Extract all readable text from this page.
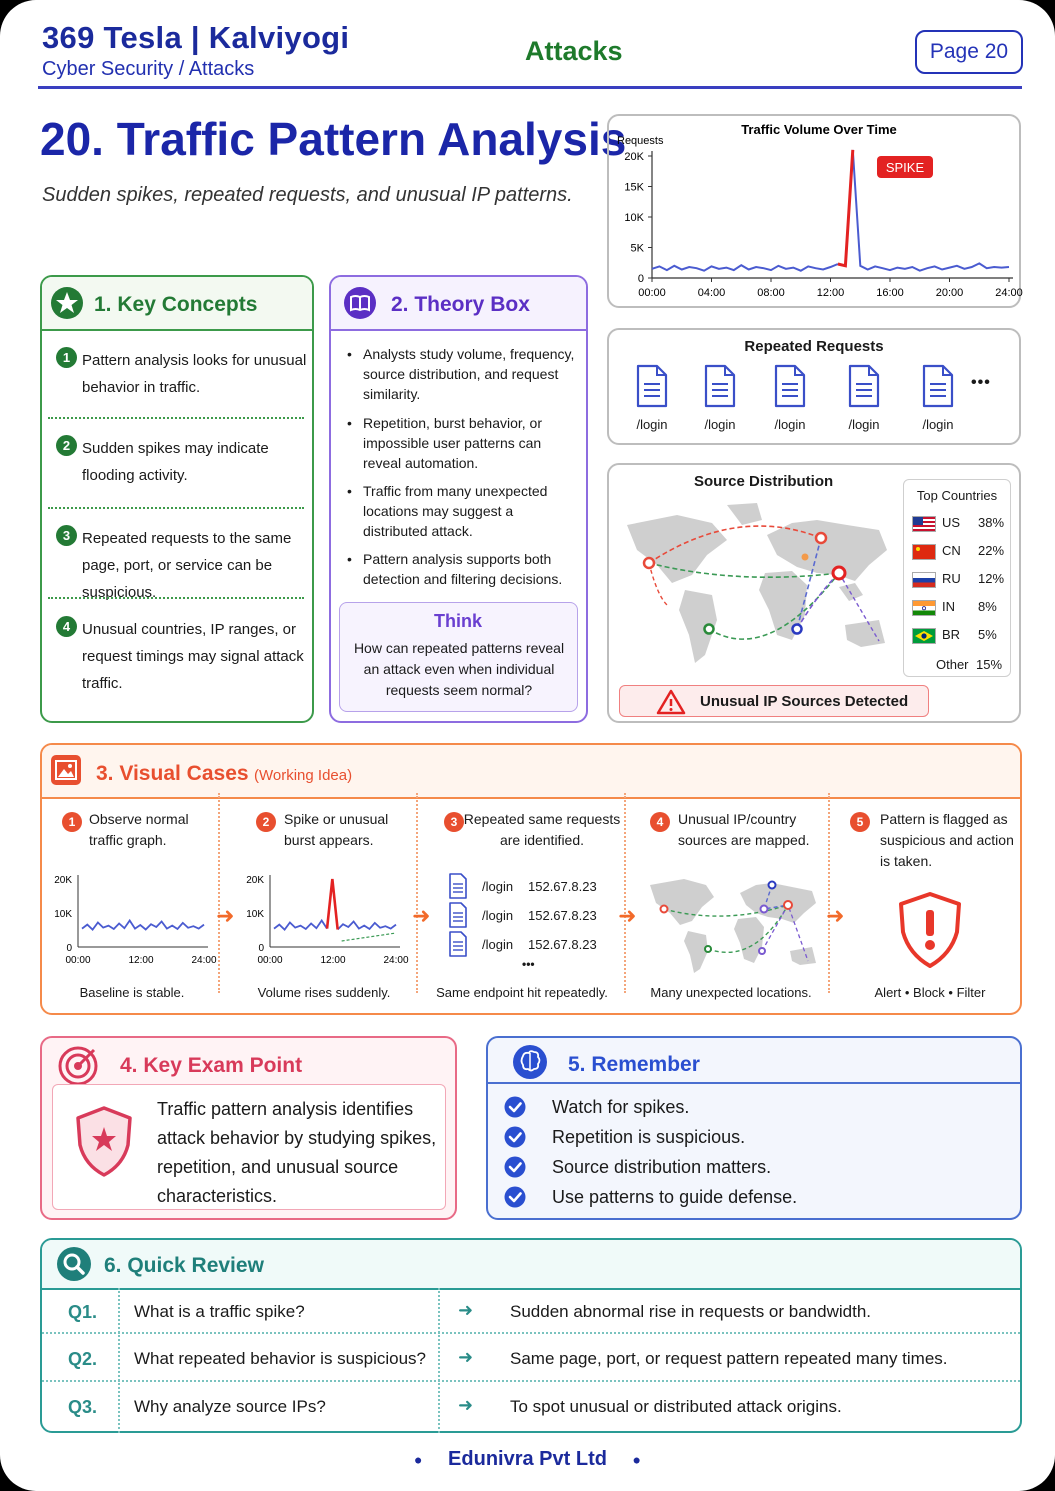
369 Tesla | Kalviyogi
Cyber Security / Attacks
Attacks	Page 20
20. Traffic Pattern Analysis
Sudden spikes, repeated requests, and unusual IP patterns.
Traffic Volume Over Time
Requests
0
5K
10K
15K
20K
00:00	04:00	08:00	12:00	16:00	20:00	24:00
SPIKE
1. Key Concepts
1 Pattern analysis looks for unusual behavior in traffic.
2 Sudden spikes may indicate flooding activity.
3 Repeated requests to the same page, port, or service can be suspicious.
4 Unusual countries, IP ranges, or request timings may signal attack traffic.
2. Theory Box
• Analysts study volume, frequency, source distribution, and request similarity.
• Repetition, burst behavior, or impossible user patterns can reveal automation.
• Traffic from many unexpected locations may suggest a distributed attack.
• Pattern analysis supports both detection and filtering decisions.
Think
How can repeated patterns reveal an attack even when individual requests seem normal?
Repeated Requests
/login	/login	/login	/login	/login
•••
Source Distribution
Top Countries
US 38%
CN 22%
RU 12%
IN 8%
BR 5%
Other 15%
Unusual IP Sources Detected
3. Visual Cases (Working Idea)
1 Observe normal traffic graph.
20K
10K
0
00:00	12:00	24:00
Baseline is stable.
➜
2	Spike or unusual burst appears.
20K
10K
0
00:00	12:00	24:00
Volume rises suddenly.
➜
3 Repeated same requests are identified.
/login 152.67.8.23
/login 152.67.8.23
/login 152.67.8.23
•••
Same endpoint hit repeatedly.
➜
4	Unusual IP/country sources are mapped.
Many unexpected locations.
➜
5	Pattern is flagged as suspicious and action is taken.
Alert • Block • Filter
4. Key Exam Point
Traffic pattern analysis identifies attack behavior by studying spikes, repetition, and unusual source characteristics.
5. Remember
Watch for spikes.
Repetition is suspicious.
Source distribution matters.
Use patterns to guide defense.
6. Quick Review
Q1. What is a traffic spike?	➜ Sudden abnormal rise in requests or bandwidth.
Q2. What repeated behavior is suspicious? ➜ Same page, port, or request pattern repeated many times.
Q3. Why analyze source IPs?	➜ To spot unusual or distributed attack origins.
● Edunivra Pvt Ltd ●
